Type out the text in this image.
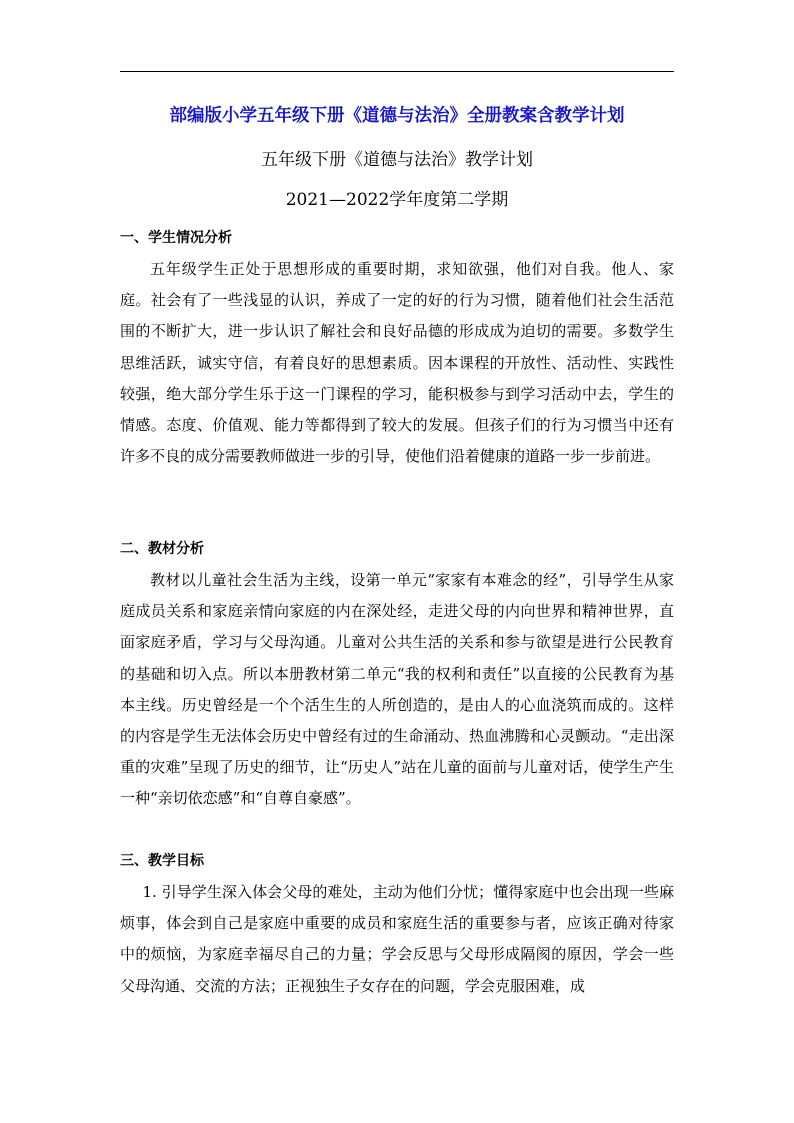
部编版小学五年级下册《道德与法治》全册教案含教学计划
五年级下册《道德与法治》教学计划
2021—2022学年度第二学期
一、学生情况分析

五年级学生正处于思想形成的重要时期，求知欲强，他们对自我。他人、家庭。社会有了一些浅显的认识，养成了一定的好的行为习惯，随着他们社会生活范围的不断扩大，进一步认识了解社会和良好品德的形成成为迫切的需要。多数学生思维活跃，诚实守信，有着良好的思想素质。因本课程的开放性、活动性、实践性较强，绝大部分学生乐于这一门课程的学习，能积极参与到学习活动中去，学生的情感。态度、价值观、能力等都得到了较大的发展。但孩子们的行为习惯当中还有许多不良的成分需要教师做进一步的引导，使他们沿着健康的道路一步一步前进。

二、教材分析

教材以儿童社会生活为主线，设第一单元“家家有本难念的经”，引导学生从家庭成员关系和家庭亲情向家庭的内在深处经，走进父母的内向世界和精神世界，直面家庭矛盾，学习与父母沟通。儿童对公共生活的关系和参与欲望是进行公民教育的基础和切入点。所以本册教材第二单元“我的权利和责任”以直接的公民教育为基本主线。历史曾经是一个个活生生的人所创造的，是由人的心血浇筑而成的。这样的内容是学生无法体会历史中曾经有过的生命涌动、热血沸腾和心灵颤动。“走出深重的灾难”呈现了历史的细节，让“历史人”站在儿童的面前与儿童对话，使学生产生一种“亲切依恋感”和“自尊自豪感”。

三、教学目标

1. 引导学生深入体会父母的难处，主动为他们分忧；懂得家庭中也会出现一些麻烦事，体会到自己是家庭中重要的成员和家庭生活的重要参与者，应该正确对待家中的烦恼，为家庭幸福尽自己的力量；学会反思与父母形成隔阂的原因，学会一些父母沟通、交流的方法；正视独生子女存在的问题，学会克服困难，成
